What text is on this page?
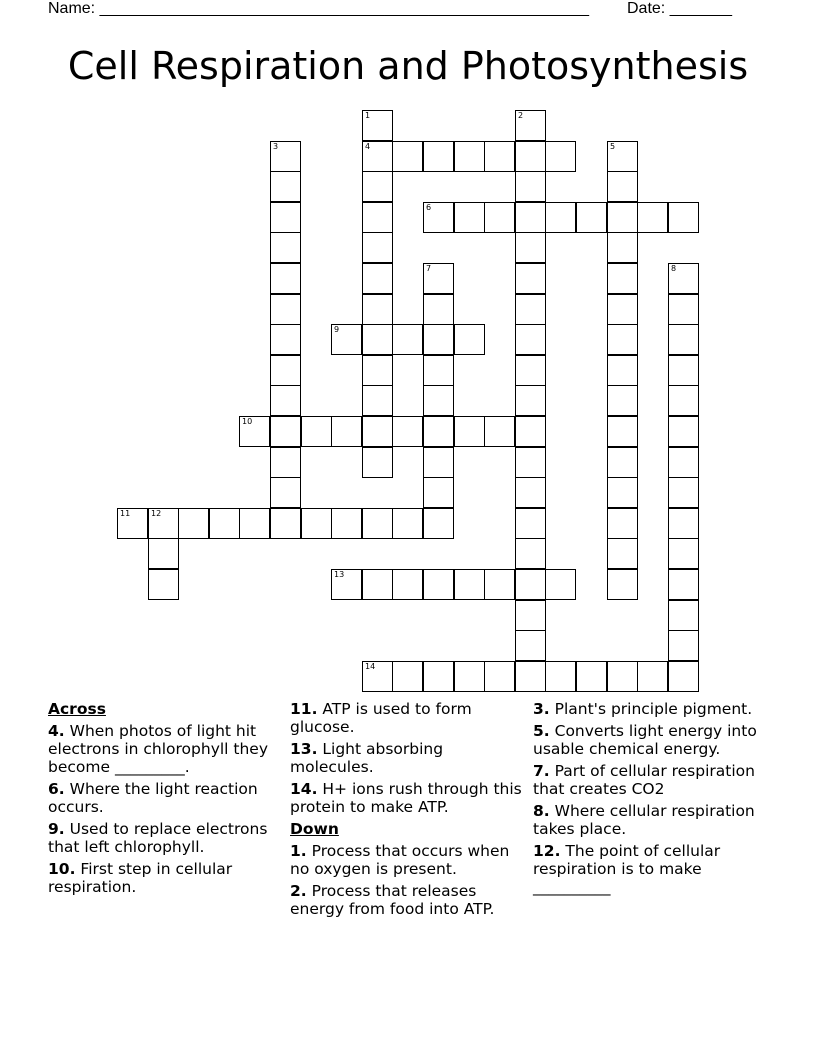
Name: _______________________________________________________ Date: _______
Cell Respiration and Photosynthesis
1
4
2
3	5
6
7	8
9
10
11	12
13
14
Across
4. When photos of light hit electrons in chlorophyll they become _________.
6. Where the light reaction occurs.
9. Used to replace electrons that left chlorophyll.
10. First step in cellular respiration.
11. ATP is used to form glucose.
13. Light absorbing molecules.
14. H+ ions rush through this protein to make ATP.
Down
1. Process that occurs when no oxygen is present.
2. Process that releases energy from food into ATP.
3. Plant's principle pigment.
5. Converts light energy into usable chemical energy.
7. Part of cellular respiration that creates CO2
8. Where cellular respiration takes place.
12. The point of cellular respiration is to make __________
